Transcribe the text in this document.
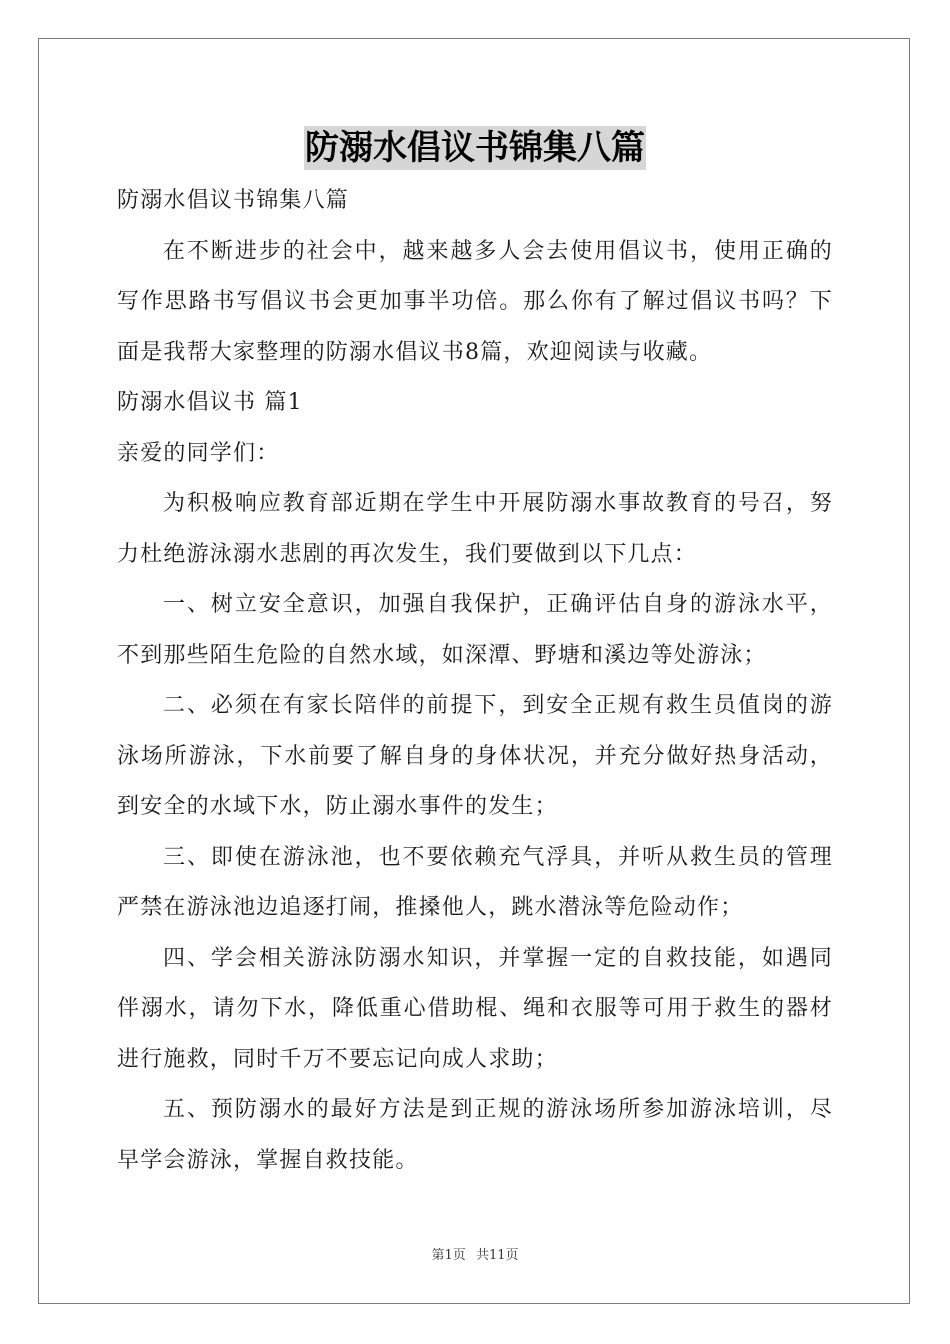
防溺水倡议书锦集八篇

防溺水倡议书锦集八篇

在不断进步的社会中，越来越多人会去使用倡议书，使用正确的写作思路书写倡议书会更加事半功倍。那么你有了解过倡议书吗？下面是我帮大家整理的防溺水倡议书8篇，欢迎阅读与收藏。

防溺水倡议书 篇1

亲爱的同学们：

为积极响应教育部近期在学生中开展防溺水事故教育的号召，努力杜绝游泳溺水悲剧的再次发生，我们要做到以下几点：

一、树立安全意识，加强自我保护，正确评估自身的游泳水平，不到那些陌生危险的自然水域，如深潭、野塘和溪边等处游泳；

二、必须在有家长陪伴的前提下，到安全正规有救生员值岗的游泳场所游泳，下水前要了解自身的身体状况，并充分做好热身活动，到安全的水域下水，防止溺水事件的发生；

三、即使在游泳池，也不要依赖充气浮具，并听从救生员的管理严禁在游泳池边追逐打闹，推搡他人，跳水潜泳等危险动作；

四、学会相关游泳防溺水知识，并掌握一定的自救技能，如遇同伴溺水，请勿下水，降低重心借助棍、绳和衣服等可用于救生的器材进行施救，同时千万不要忘记向成人求助；

五、预防溺水的最好方法是到正规的游泳场所参加游泳培训，尽早学会游泳，掌握自救技能。

第1页 共11页
